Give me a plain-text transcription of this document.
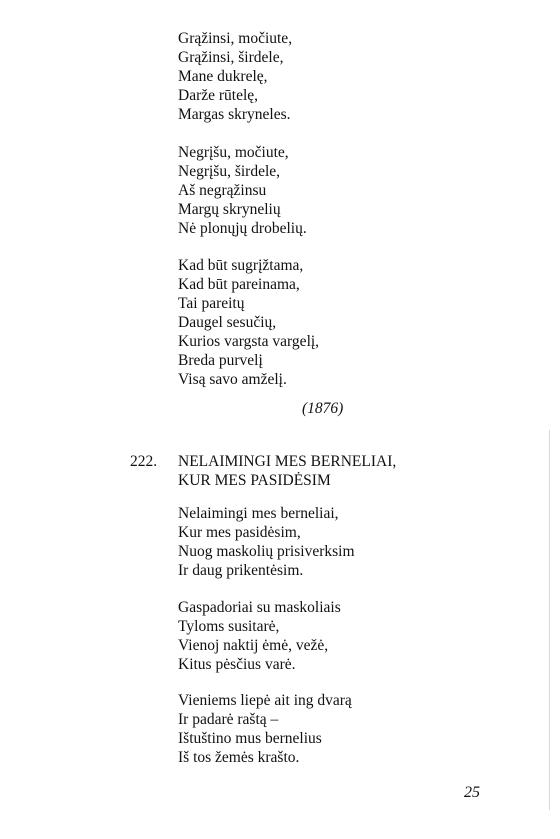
Grąžinsi, močiute,
Grąžinsi, širdele,
Mane dukrelę,
Darže rūtelę,
Margas skryneles.
Negrįšu, močiute,
Negrįšu, širdele,
Aš negrąžinsu
Margų skrynelių
Nė plonųjų drobelių.
Kad būt sugrįžtama,
Kad būt pareinama,
Tai pareitų
Daugel sesučių,
Kurios vargsta vargelį,
Breda purvelį
Visą savo amželį.
(1876)
222. NELAIMINGI MES BERNELIAI,
KUR MES PASIDĖSIM
Nelaimingi mes berneliai,
Kur mes pasidėsim,
Nuog maskolių prisiverksim
Ir daug prikentėsim.
Gaspadoriai su maskoliais
Tyloms susitarė,
Vienoj naktij ėmė, vežė,
Kitus pėsčius varė.
Vieniems liepė ait ing dvarą
Ir padarė raštą –
Ištuštino mus bernelius
Iš tos žemės krašto.
25
